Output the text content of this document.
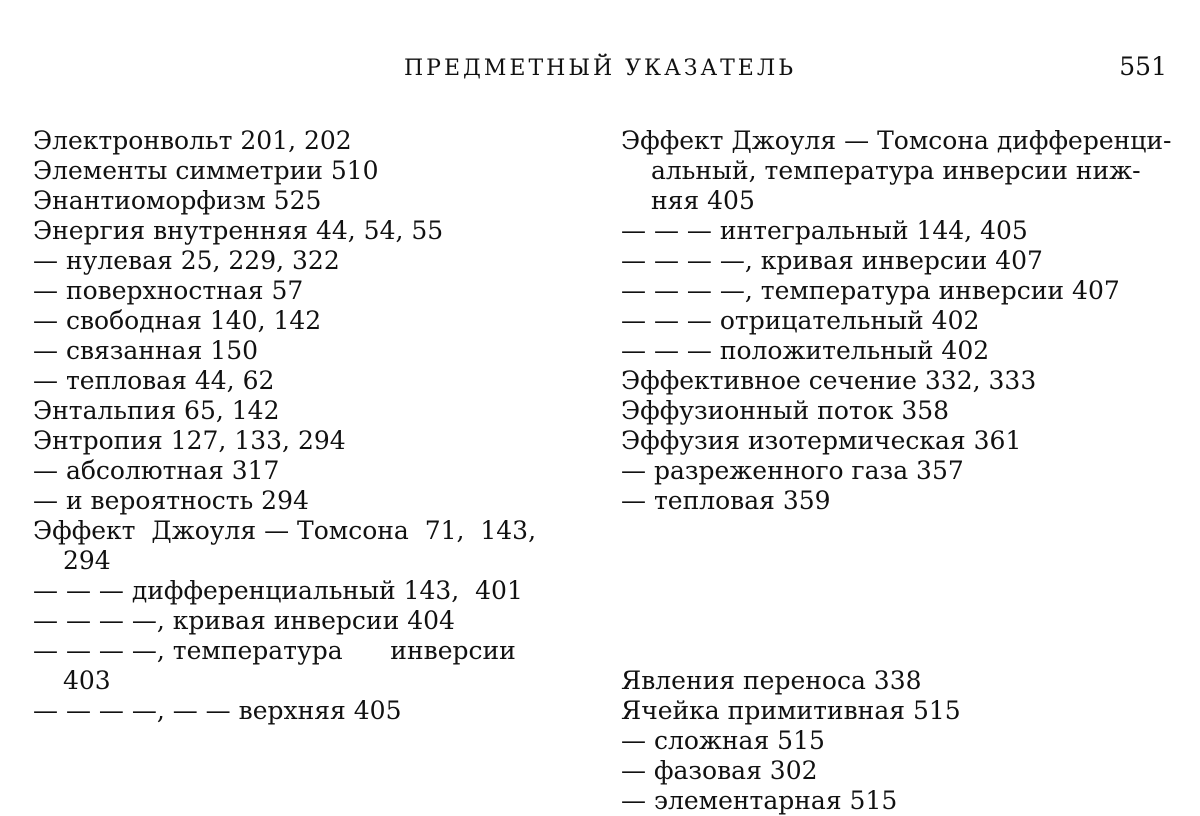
ПРЕДМЕТНЫЙ УКАЗАТЕЛЬ	551

Электронвольт 201, 202

Элементы симметрии 510

Энантиоморфизм 525

Энергия внутренняя 44, 54, 55

— нулевая 25, 229, 322

— поверхностная 57

— свободная 140, 142

— связанная 150

— тепловая 44, 62

Энтальпия 65, 142

Энтропия 127, 133, 294

— абсолютная 317

— и вероятность 294

Эффект  Джоуля — Томсона  71,  143,

294

— — — дифференциальный 143,  401

— — — —, кривая инверсии 404

— — — —, температура      инверсии

403

— — — —, — — верхняя 405

Эффект Джоуля — Томсона дифференци-

альный, температура инверсии ниж-

няя 405

— — — интегральный 144, 405

— — — —, кривая инверсии 407

— — — —, температура инверсии 407

— — — отрицательный 402

— — — положительный 402

Эффективное сечение 332, 333

Эффузионный поток 358

Эффузия изотермическая 361

— разреженного газа 357

— тепловая 359

Явления переноса 338

Ячейка примитивная 515

— сложная 515

— фазовая 302

— элементарная 515
